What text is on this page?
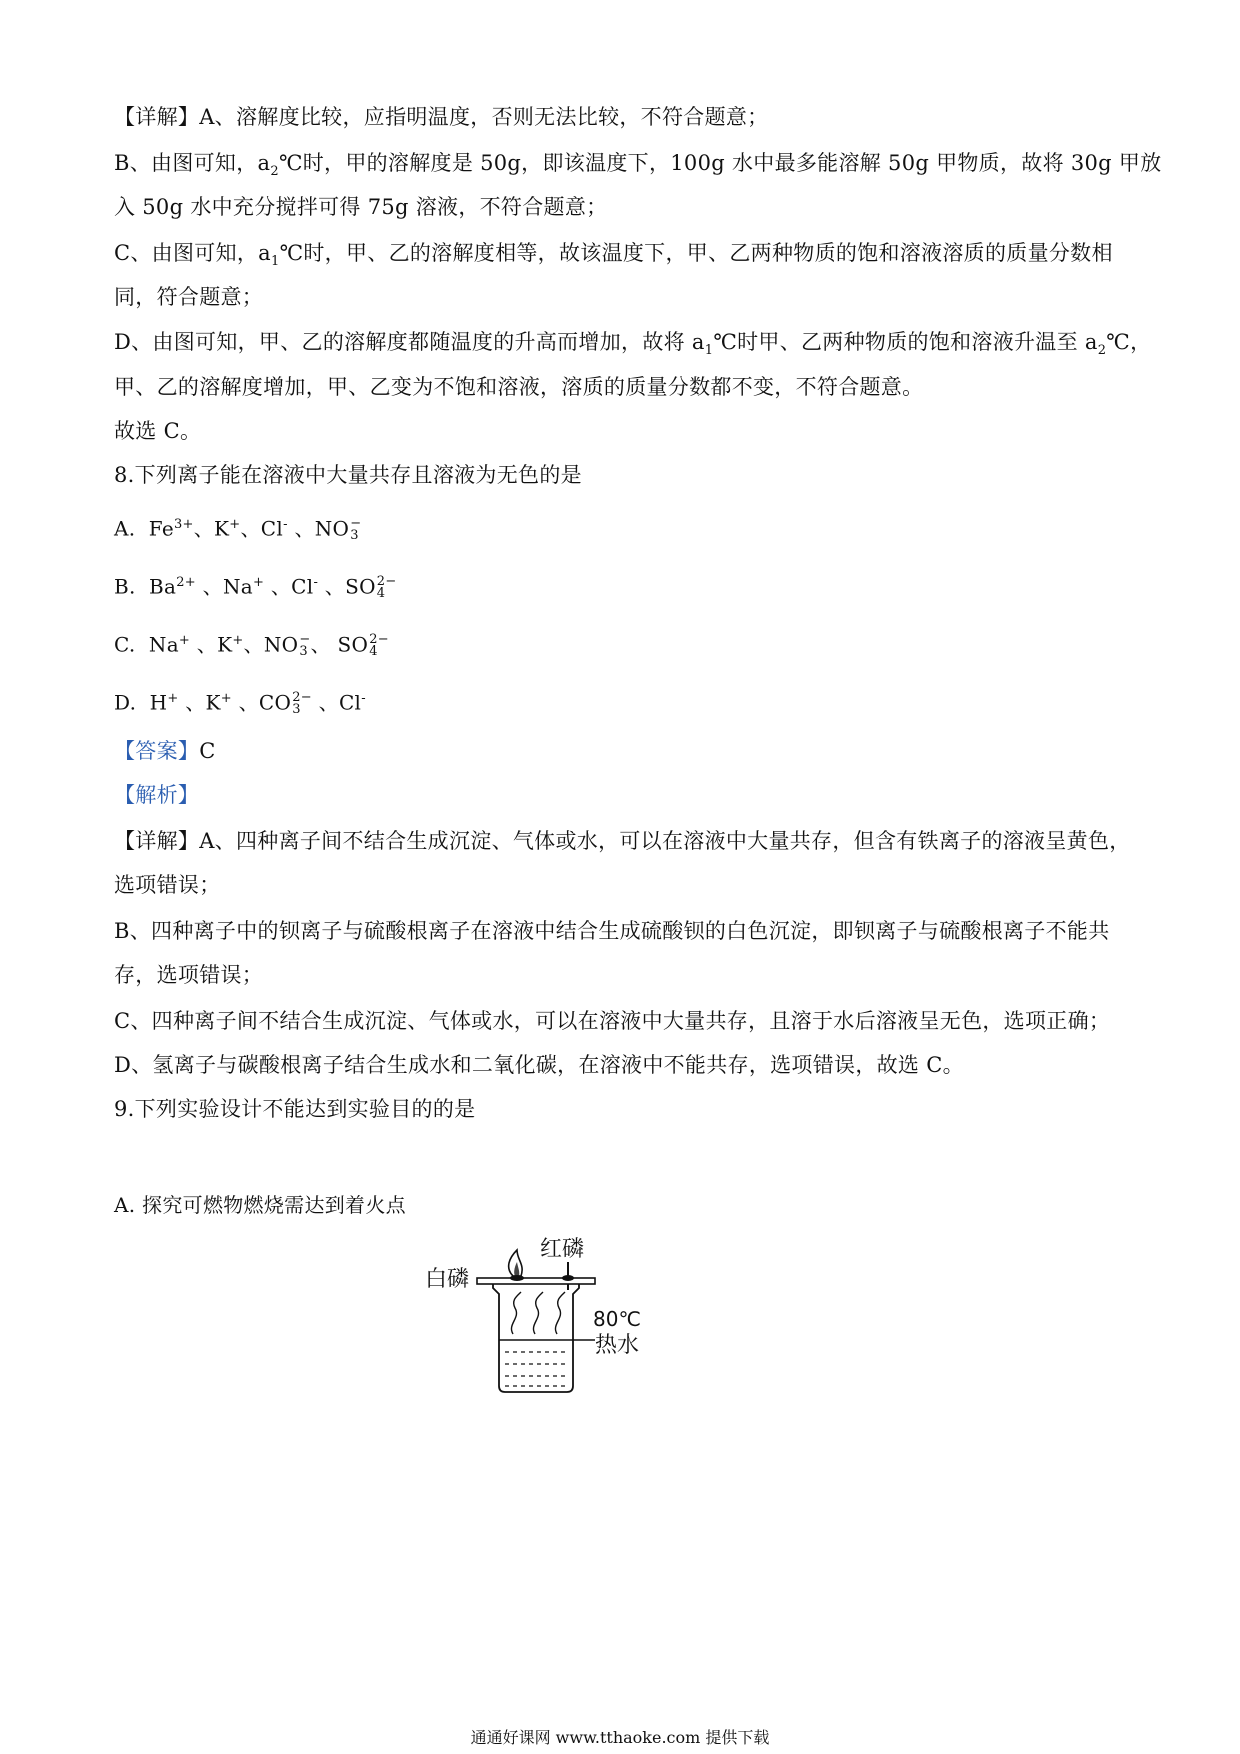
【详解】A、溶解度比较，应指明温度，否则无法比较，不符合题意；
B、由图可知，$a_2℃$时，甲的溶解度是 50g，即该温度下，100g 水中最多能溶解 50g 甲物质，故将 30g 甲放
入 50g 水中充分搅拌可得 75g 溶液，不符合题意；
C、由图可知，$a_1℃$时，甲、乙的溶解度相等，故该温度下，甲、乙两种物质的饱和溶液溶质的质量分数相
同，符合题意；
D、由图可知，甲、乙的溶解度都随温度的升高而增加，故将 $a_1℃$时甲、乙两种物质的饱和溶液升温至 $a_2℃$，
甲、乙的溶解度增加，甲、乙变为不饱和溶液，溶质的质量分数都不变，不符合题意。
故选 C。
8.下列离子能在溶液中大量共存且溶液为无色的是
A. $Fe^{3+}$、K+、Cl- 、NO −
3
B. $Ba^{2+}$ 、Na+ 、Cl- 、SO 2−
4
C. Na+ 、K+、NO −
3 、 SO 2−
4
D. H+ 、K+ 、CO 2−
3 、Cl-
【答案】C
【解析】
【详解】A、四种离子间不结合生成沉淀、气体或水，可以在溶液中大量共存，但含有铁离子的溶液呈黄色，
选项错误；
B、四种离子中的钡离子与硫酸根离子在溶液中结合生成硫酸钡的白色沉淀，即钡离子与硫酸根离子不能共
存，选项错误；
C、四种离子间不结合生成沉淀、气体或水，可以在溶液中大量共存，且溶于水后溶液呈无色，选项正确；
D、氢离子与碳酸根离子结合生成水和二氧化碳，在溶液中不能共存，选项错误，故选 C。
9.下列实验设计不能达到实验目的的是
A. 探究可燃物燃烧需达到着火点
红磷
白磷
80℃
热水
通通好课网 www.tthaoke.com 提供下载
